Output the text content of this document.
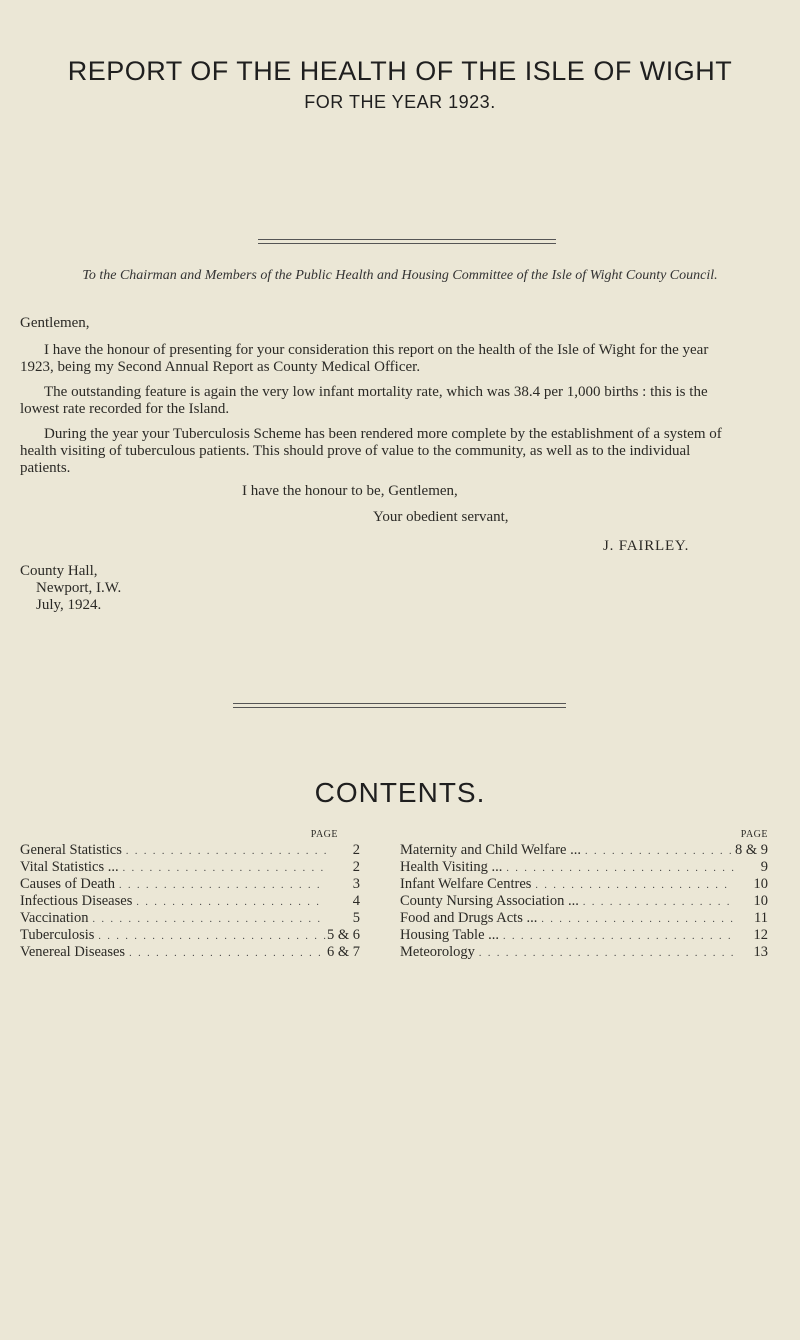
REPORT OF THE HEALTH OF THE ISLE OF WIGHT
FOR THE YEAR 1923.
To the Chairman and Members of the Public Health and Housing Committee of the Isle of Wight County Council.
Gentlemen,

I have the honour of presenting for your consideration this report on the health of the Isle of Wight for the year 1923, being my Second Annual Report as County Medical Officer.

The outstanding feature is again the very low infant mortality rate, which was 38.4 per 1,000 births : this is the lowest rate recorded for the Island.

During the year your Tuberculosis Scheme has been rendered more complete by the establishment of a system of health visiting of tuberculous patients. This should prove of value to the community, as well as to the individual patients.

I have the honour to be, Gentlemen,
Your obedient servant,
J. FAIRLEY.
County Hall,
Newport, I.W.
July, 1924.
CONTENTS.
PAGE
General Statistics . . .	2
Vital Statistics ... . . .	2
Causes of Death . . .	3
Infectious Diseases . . .	4
Vaccination . . .	5
Tuberculosis . . .	5 & 6
Venereal Diseases . . .	6 & 7
PAGE
Maternity and Child Welfare ... . . .	8 & 9
Health Visiting ... . . .	9
Infant Welfare Centres . . .	10
County Nursing Association ... . . .	10
Food and Drugs Acts ... . . .	11
Housing Table ... . . .	12
Meteorology . . .	13
